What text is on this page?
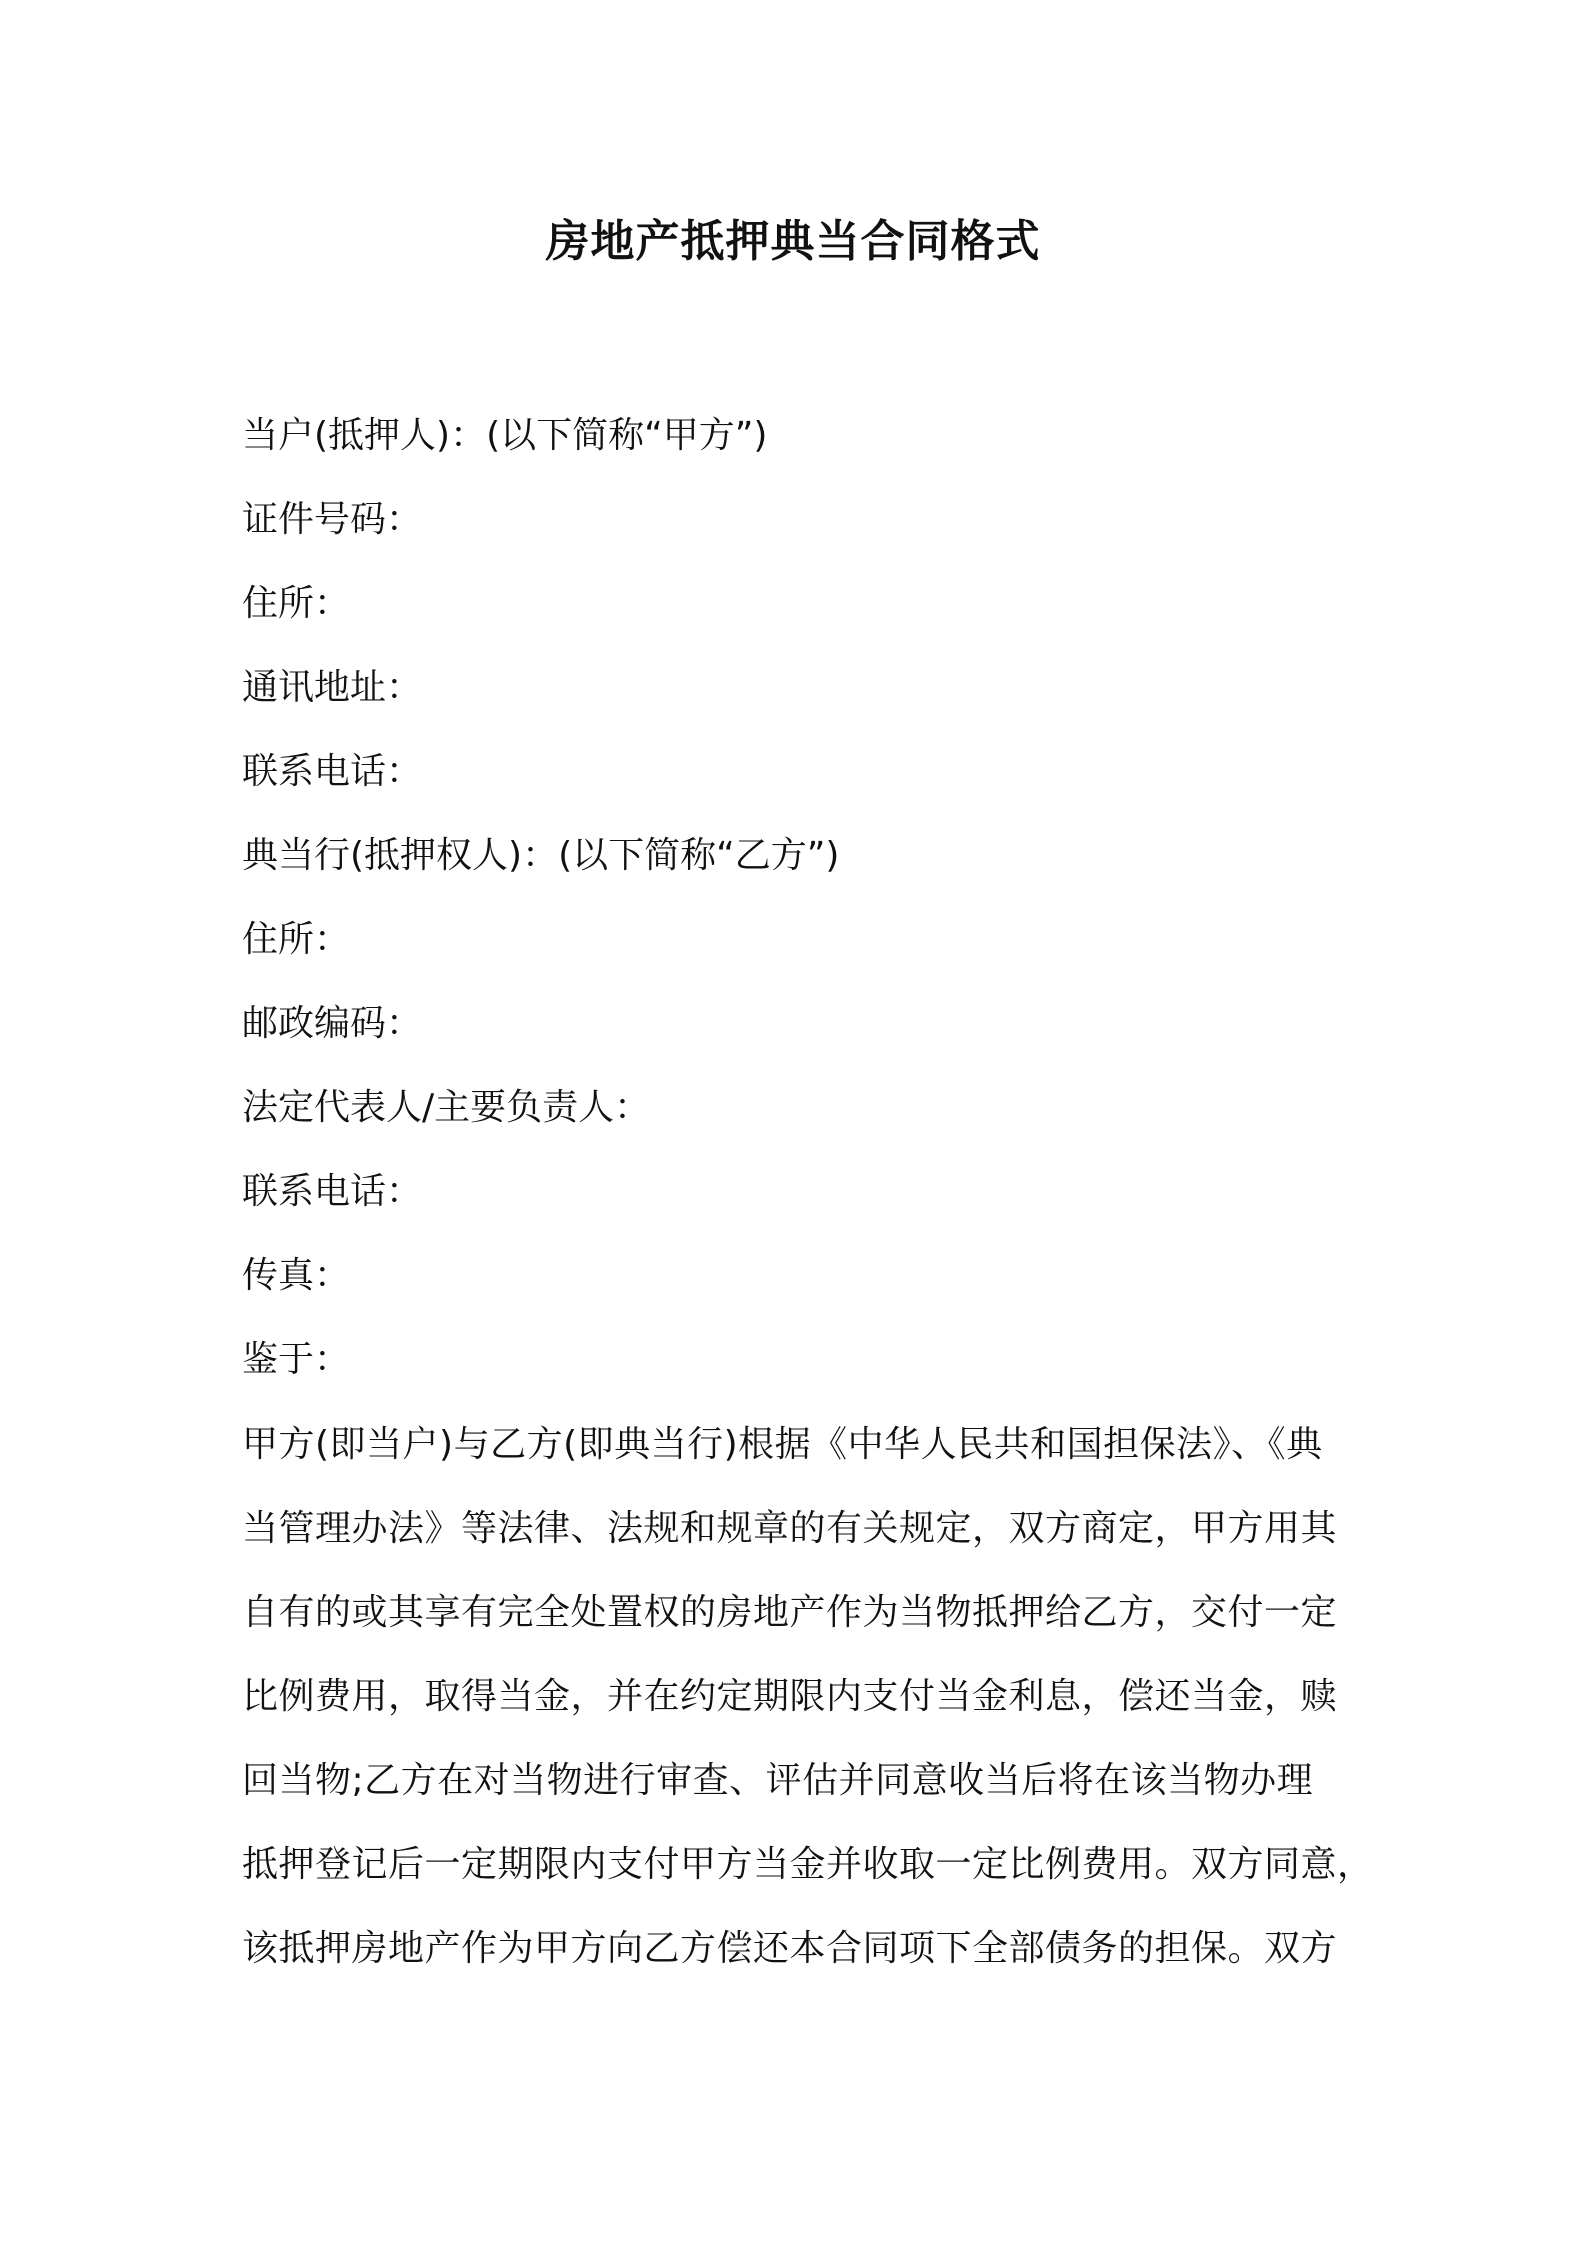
房地产抵押典当合同格式
当户(抵押人)：(以下简称“甲方”)
证件号码：
住所：
通讯地址：
联系电话：
典当行(抵押权人)：(以下简称“乙方”)
住所：
邮政编码：
法定代表人/主要负责人：
联系电话：
传真：
鉴于：

甲方(即当户)与乙方(即典当行)根据《中华人民共和国担保法》、《典
当管理办法》等法律、法规和规章的有关规定，双方商定，甲方用其
自有的或其享有完全处置权的房地产作为当物抵押给乙方，交付一定
比例费用，取得当金，并在约定期限内支付当金利息，偿还当金，赎
回当物;乙方在对当物进行审查、评估并同意收当后将在该当物办理
抵押登记后一定期限内支付甲方当金并收取一定比例费用。双方同意，
该抵押房地产作为甲方向乙方偿还本合同项下全部债务的担保。双方
